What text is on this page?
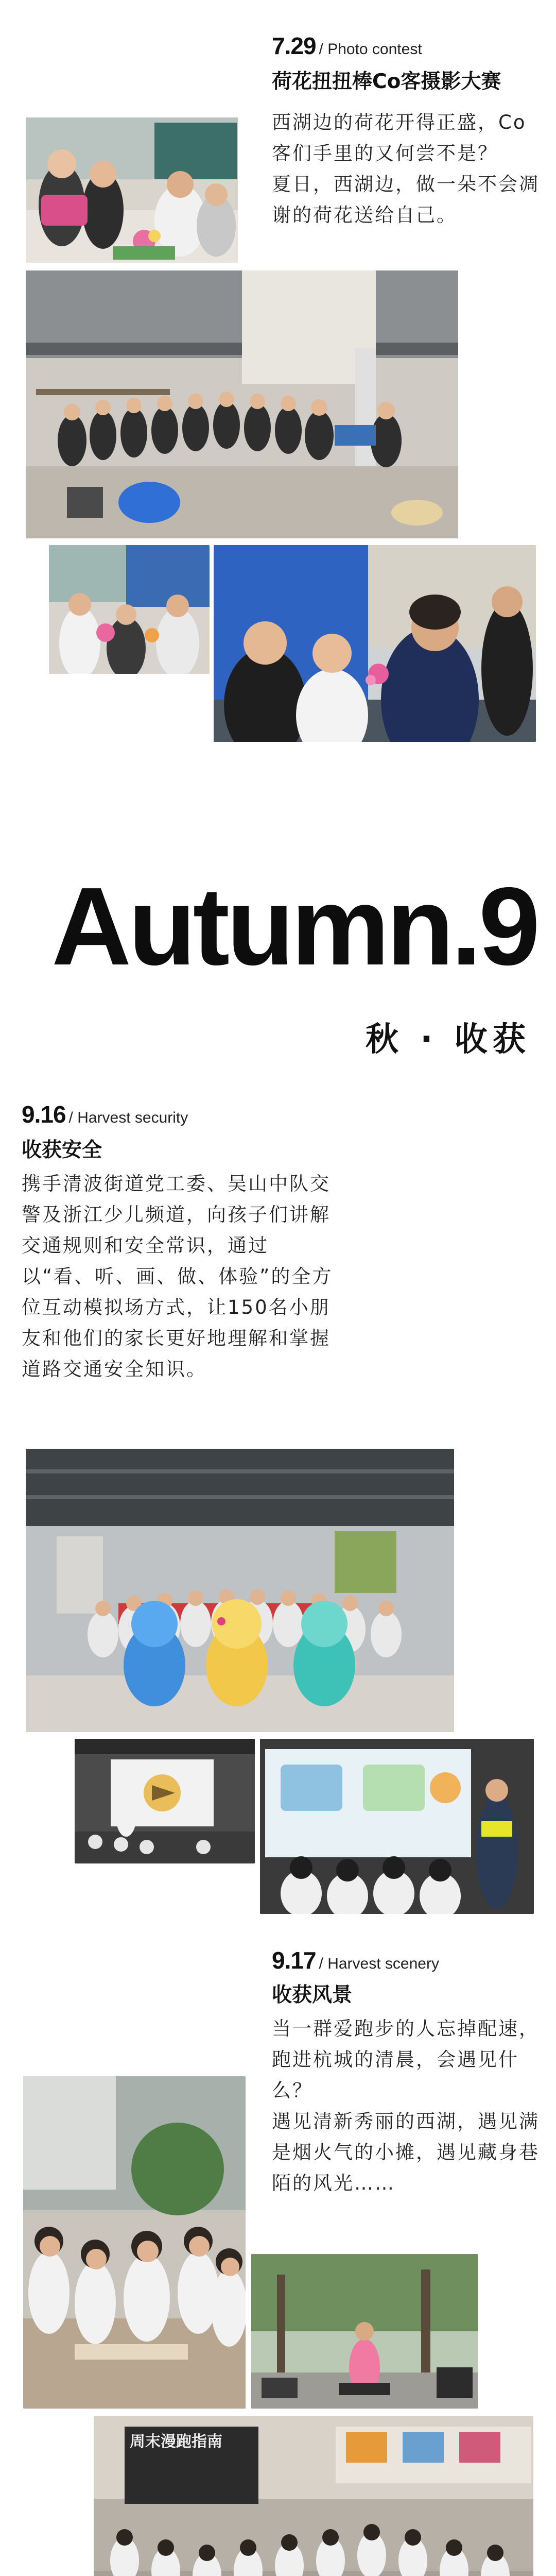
7.29 / Photo contest
荷花扭扭棒Co客摄影大赛

西湖边的荷花开得正盛，Co客们手里的又何尝不是？
夏日，西湖边，做一朵不会凋谢的荷花送给自己。

Autumn.9
秋 · 收获
9.16 / Harvest security
收获安全

携手清波街道党工委、吴山中队交警及浙江少儿频道，向孩子们讲解交通规则和安全常识，通过以“看、听、画、做、体验”的全方位互动模拟场方式，让150名小朋友和他们的家长更好地理解和掌握道路交通安全知识。

9.17 / Harvest scenery
收获风景

当一群爱跑步的人忘掉配速，跑进杭城的清晨，会遇见什么？
遇见清新秀丽的西湖，遇见满是烟火气的小摊，遇见藏身巷陌的风光……

周末漫跑指南
